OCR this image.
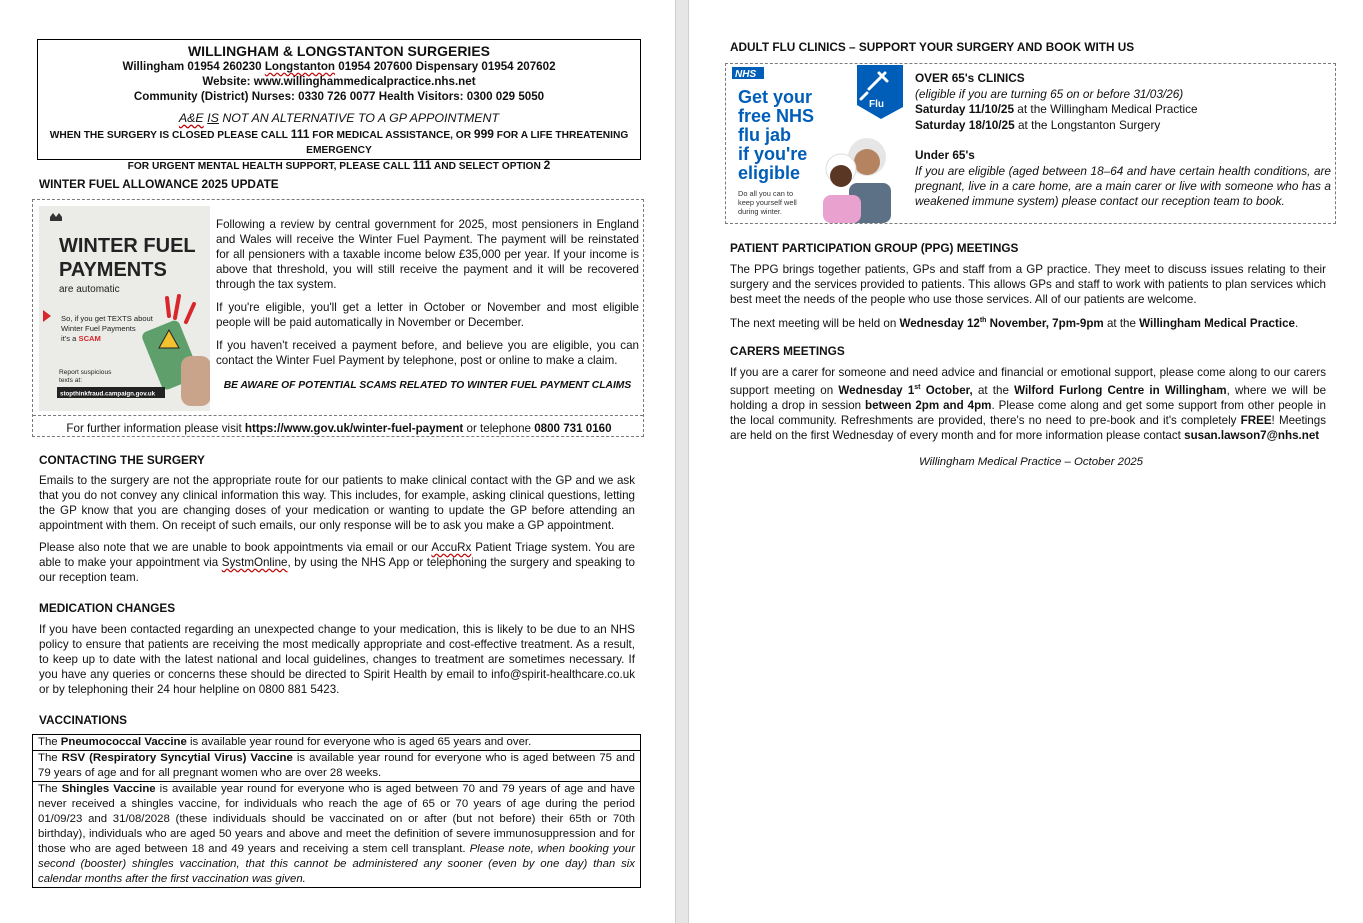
WILLINGHAM & LONGSTANTON SURGERIES
Willingham 01954 260230 Longstanton 01954 207600 Dispensary 01954 207602
Website: www.willinghammedicalpractice.nhs.net
Community (District) Nurses: 0330 726 0077 Health Visitors: 0300 029 5050
A&E IS NOT AN ALTERNATIVE TO A GP APPOINTMENT
WHEN THE SURGERY IS CLOSED PLEASE CALL 111 FOR MEDICAL ASSISTANCE, OR 999 FOR A LIFE THREATENING EMERGENCY
FOR URGENT MENTAL HEALTH SUPPORT, PLEASE CALL 111 AND SELECT OPTION 2
WINTER FUEL ALLOWANCE 2025 UPDATE
WINTER FUEL
PAYMENTS
are automatic
So, if you get TEXTS about
Winter Fuel Payments
it's a SCAM
Report suspicious
texts at:
stopthinkfraud.campaign.gov.uk

Following a review by central government for 2025, most pensioners in England and Wales will receive the Winter Fuel Payment. The payment will be reinstated for all pensioners with a taxable income below £35,000 per year. If your income is above that threshold, you will still receive the payment and it will be recovered through the tax system.

If you're eligible, you'll get a letter in October or November and most eligible people will be paid automatically in November or December.

If you haven't received a payment before, and believe you are eligible, you can contact the Winter Fuel Payment by telephone, post or online to make a claim.

BE AWARE OF POTENTIAL SCAMS RELATED TO WINTER FUEL PAYMENT CLAIMS

For further information please visit https://www.gov.uk/winter-fuel-payment or telephone 0800 731 0160
CONTACTING THE SURGERY

Emails to the surgery are not the appropriate route for our patients to make clinical contact with the GP and we ask that you do not convey any clinical information this way. This includes, for example, asking clinical questions, letting the GP know that you are changing doses of your medication or wanting to update the GP before attending an appointment with them. On receipt of such emails, our only response will be to ask you make a GP appointment.

Please also note that we are unable to book appointments via email or our AccuRx Patient Triage system. You are able to make your appointment via SystmOnline, by using the NHS App or telephoning the surgery and speaking to our reception team.

MEDICATION CHANGES

If you have been contacted regarding an unexpected change to your medication, this is likely to be due to an NHS policy to ensure that patients are receiving the most medically appropriate and cost-effective treatment. As a result, to keep up to date with the latest national and local guidelines, changes to treatment are sometimes necessary. If you have any queries or concerns these should be directed to Spirit Health by email to info@spirit-healthcare.co.uk or by telephoning their 24 hour helpline on 0800 881 5423.

VACCINATIONS
The Pneumococcal Vaccine is available year round for everyone who is aged 65 years and over.
The RSV (Respiratory Syncytial Virus) Vaccine is available year round for everyone who is aged between 75 and 79 years of age and for all pregnant women who are over 28 weeks.
The Shingles Vaccine is available year round for everyone who is aged between 70 and 79 years of age and have never received a shingles vaccine, for individuals who reach the age of 65 or 70 years of age during the period 01/09/23 and 31/08/2028 (these individuals should be vaccinated on or after (but not before) their 65th or 70th birthday), individuals who are aged 50 years and above and meet the definition of severe immunosuppression and for those who are aged between 18 and 49 years and receiving a stem cell transplant. Please note, when booking your second (booster) shingles vaccination, that this cannot be administered any sooner (even by one day) than six calendar months after the first vaccination was given.
ADULT FLU CLINICS – SUPPORT YOUR SURGERY AND BOOK WITH US
NHS
Flu
Get your
free NHS
flu jab
if you're
eligible
Do all you can to
keep yourself well
during winter.
OVER 65's CLINICS
(eligible if you are turning 65 on or before 31/03/26)
Saturday 11/10/25 at the Willingham Medical Practice
Saturday 18/10/25 at the Longstanton Surgery
Under 65's
If you are eligible (aged between 18–64 and have certain health conditions, are pregnant, live in a care home, are a main carer or live with someone who has a weakened immune system) please contact our reception team to book.
PATIENT PARTICIPATION GROUP (PPG) MEETINGS

The PPG brings together patients, GPs and staff from a GP practice. They meet to discuss issues relating to their surgery and the services provided to patients. This allows GPs and staff to work with patients to plan services which best meet the needs of the people who use those services. All of our patients are welcome.

The next meeting will be held on Wednesday 12th November, 7pm-9pm at the Willingham Medical Practice.

CARERS MEETINGS

If you are a carer for someone and need advice and financial or emotional support, please come along to our carers support meeting on Wednesday 1st October, at the Wilford Furlong Centre in Willingham, where we will be holding a drop in session between 2pm and 4pm. Please come along and get some support from other people in the local community. Refreshments are provided, there's no need to pre-book and it's completely FREE! Meetings are held on the first Wednesday of every month and for more information please contact susan.lawson7@nhs.net

Willingham Medical Practice – October 2025
